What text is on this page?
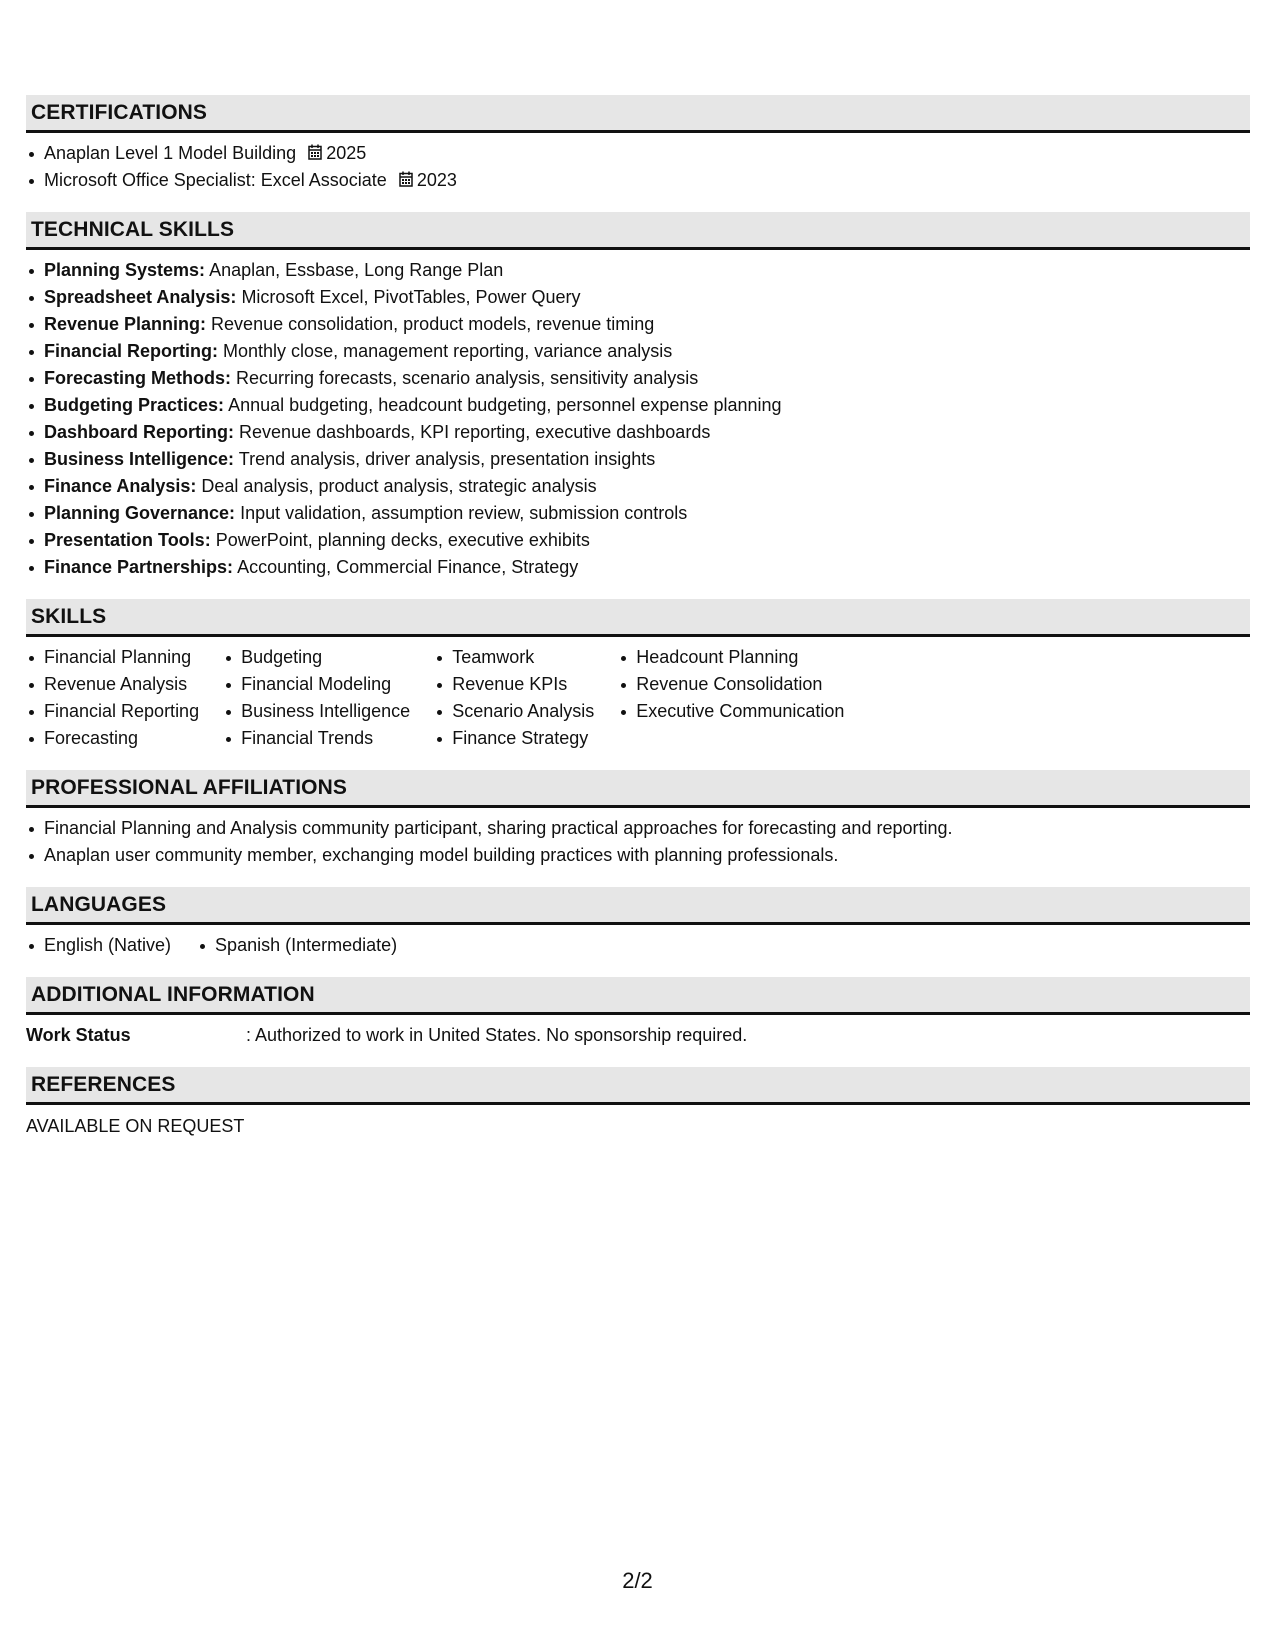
CERTIFICATIONS
Anaplan Level 1 Model Building 2025
Microsoft Office Specialist: Excel Associate 2023
TECHNICAL SKILLS
Planning Systems: Anaplan, Essbase, Long Range Plan
Spreadsheet Analysis: Microsoft Excel, PivotTables, Power Query
Revenue Planning: Revenue consolidation, product models, revenue timing
Financial Reporting: Monthly close, management reporting, variance analysis
Forecasting Methods: Recurring forecasts, scenario analysis, sensitivity analysis
Budgeting Practices: Annual budgeting, headcount budgeting, personnel expense planning
Dashboard Reporting: Revenue dashboards, KPI reporting, executive dashboards
Business Intelligence: Trend analysis, driver analysis, presentation insights
Finance Analysis: Deal analysis, product analysis, strategic analysis
Planning Governance: Input validation, assumption review, submission controls
Presentation Tools: PowerPoint, planning decks, executive exhibits
Finance Partnerships: Accounting, Commercial Finance, Strategy
SKILLS
Financial Planning
Revenue Analysis
Financial Reporting
Forecasting
Budgeting
Financial Modeling
Business Intelligence
Financial Trends
Teamwork
Revenue KPIs
Scenario Analysis
Finance Strategy
Headcount Planning
Revenue Consolidation
Executive Communication
PROFESSIONAL AFFILIATIONS
Financial Planning and Analysis community participant, sharing practical approaches for forecasting and reporting.
Anaplan user community member, exchanging model building practices with planning professionals.
LANGUAGES
English (Native)	Spanish (Intermediate)
ADDITIONAL INFORMATION
Work Status	: Authorized to work in United States. No sponsorship required.
REFERENCES
AVAILABLE ON REQUEST
2/2
